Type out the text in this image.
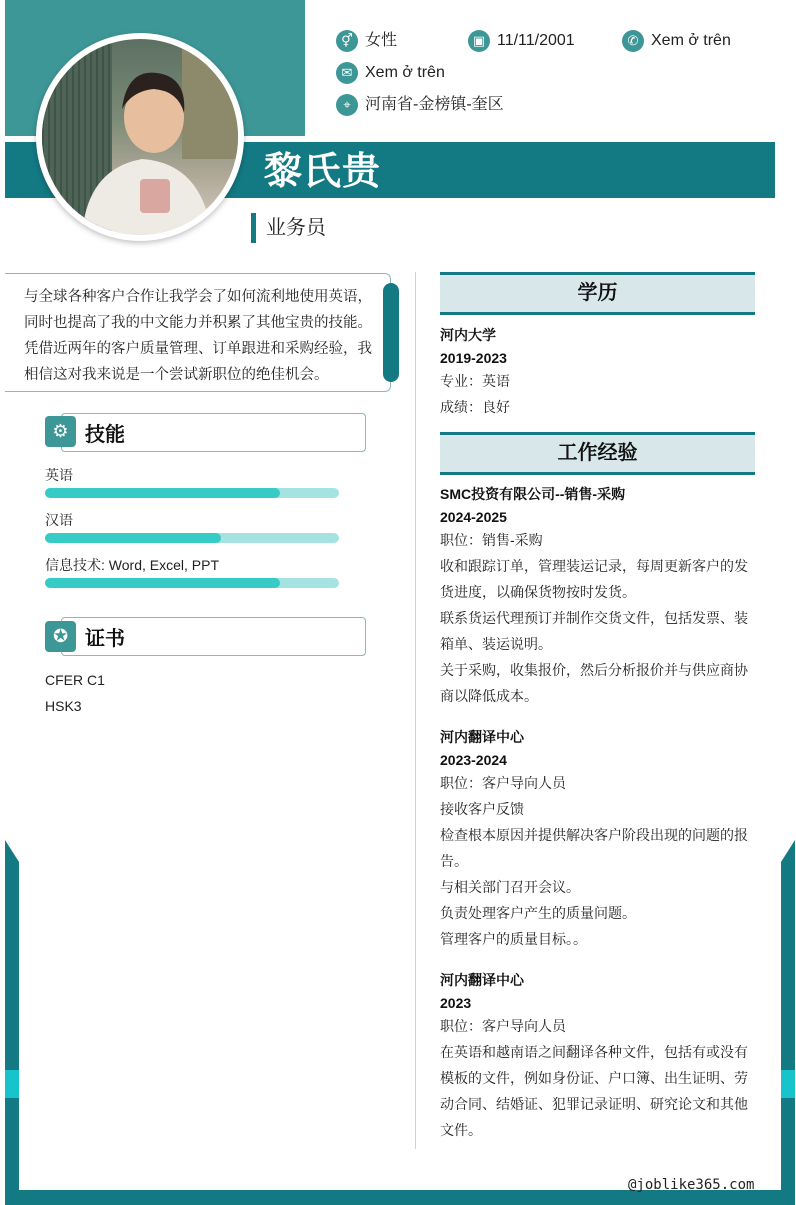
黎氏贵
业务员
⚥ 女性	▣ 11/11/2001	✆ Xem ở trên
✉ Xem ở trên
⌖ 河南省-金榜镇-奎区
与全球各种客户合作让我学会了如何流利地使用英语，
同时也提高了我的中文能力并积累了其他宝贵的技能。
凭借近两年的客户质量管理、订单跟进和采购经验，我
相信这对我来说是一个尝试新职位的绝佳机会。
⚙ 技能
英语
汉语
信息技术: Word, Excel, PPT
✪ 证书
CFER C1
HSK3
学历
河内大学
2019-2023
专业：英语
成绩：良好
工作经验
SMC投资有限公司--销售-采购
2024-2025
职位：销售-采购
收和跟踪订单，管理装运记录，每周更新客户的发
货进度，以确保货物按时发货。
联系货运代理预订并制作交货文件，包括发票、装
箱单、装运说明。
关于采购，收集报价，然后分析报价并与供应商协
商以降低成本。
河内翻译中心
2023-2024
职位：客户导向人员
接收客户反馈
检查根本原因并提供解决客户阶段出现的问题的报
告。
与相关部门召开会议。
负责处理客户产生的质量问题。
管理客户的质量目标。。
河内翻译中心
2023
职位：客户导向人员
在英语和越南语之间翻译各种文件，包括有或没有
模板的文件，例如身份证、户口簿、出生证明、劳
动合同、结婚证、犯罪记录证明、研究论文和其他
文件。
@joblike365.com
